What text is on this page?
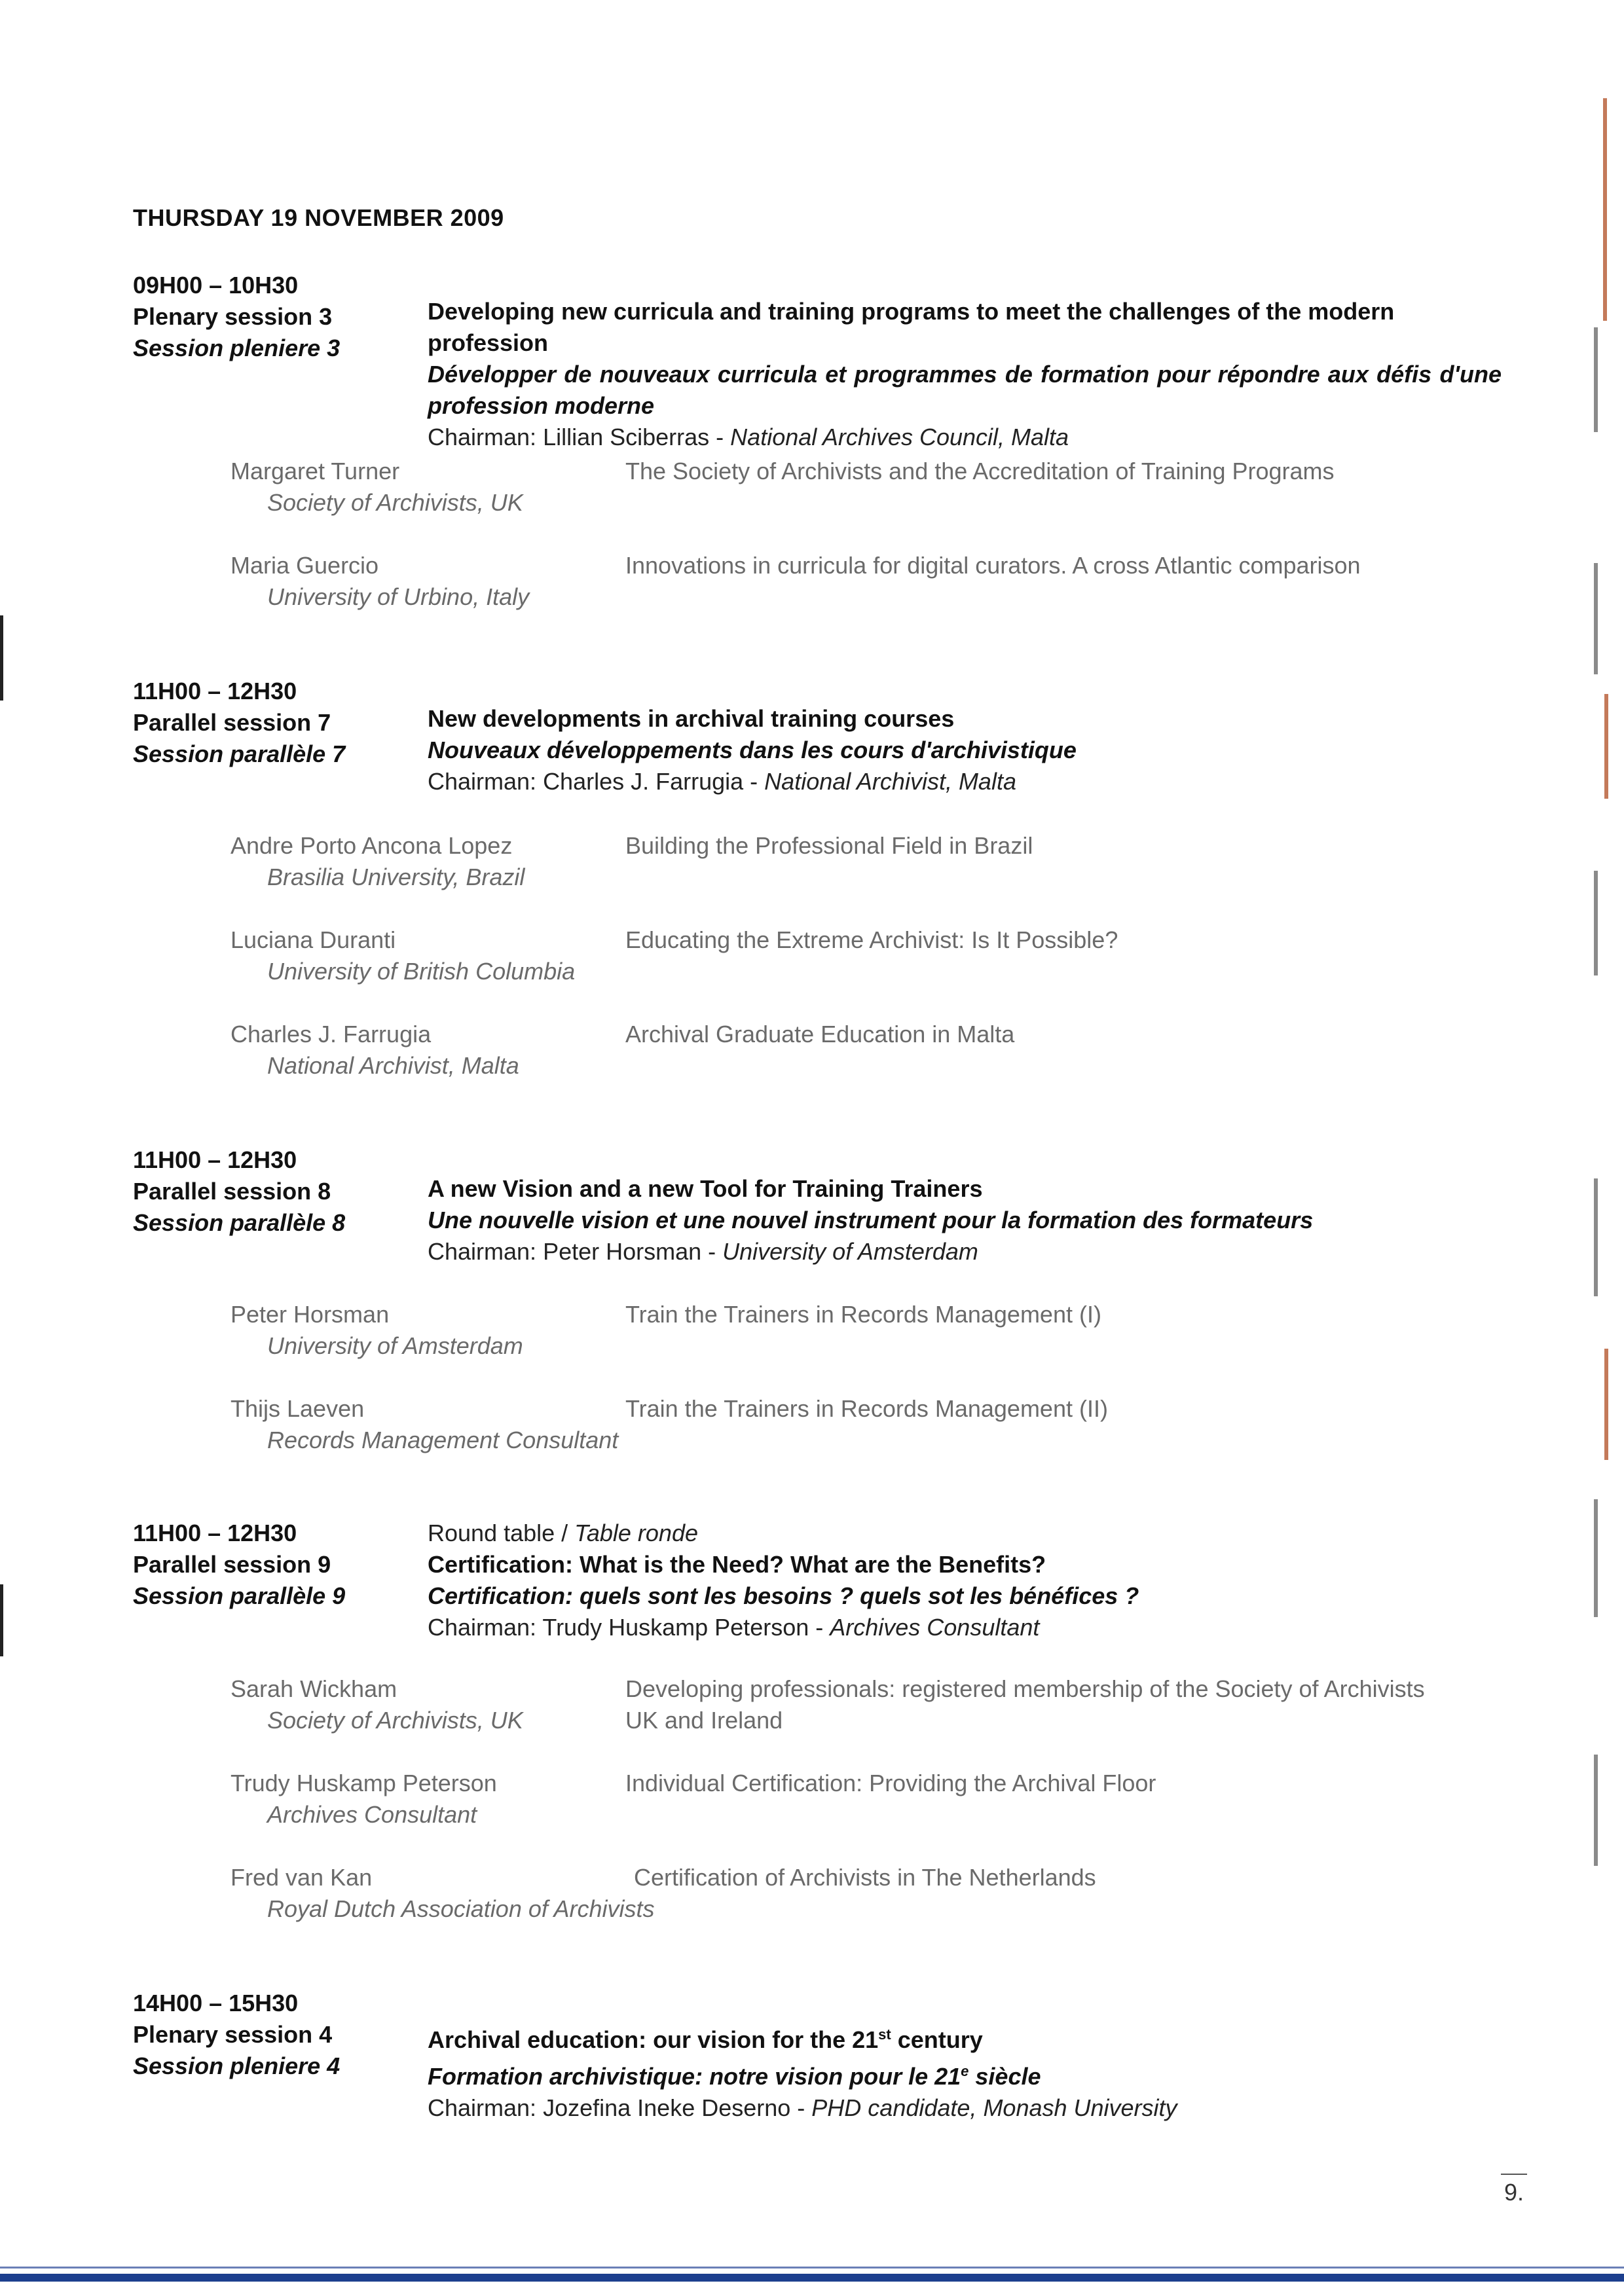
THURSDAY 19 NOVEMBER 2009
09H00 – 10H30
Plenary session 3
Session pleniere 3
Developing new curricula and training programs to meet the challenges of the modern profession
Développer de nouveaux curricula et programmes de formation pour répondre aux défis d'une profession moderne
Chairman: Lillian Sciberras - National Archives Council, Malta
Margaret Turner
Society of Archivists, UK
The Society of Archivists and the Accreditation of Training Programs
Maria Guercio
University of Urbino, Italy
Innovations in curricula for digital curators. A cross Atlantic comparison
11H00 – 12H30
Parallel session 7
Session parallèle 7
New developments in archival training courses
Nouveaux développements dans les cours d'archivistique
Chairman: Charles J. Farrugia - National Archivist, Malta
Andre Porto Ancona Lopez
Brasilia University, Brazil
Building the Professional Field in Brazil
Luciana Duranti
University of British Columbia
Educating the Extreme Archivist: Is It Possible?
Charles J. Farrugia
National Archivist, Malta
Archival Graduate Education in Malta
11H00 – 12H30
Parallel session 8
Session parallèle 8
A new Vision and a new Tool for Training Trainers
Une nouvelle vision et une nouvel instrument pour la formation des formateurs
Chairman: Peter Horsman - University of Amsterdam
Peter Horsman
University of Amsterdam
Train the Trainers in Records Management (I)
Thijs Laeven
Records Management Consultant
Train the Trainers in Records Management (II)
11H00 – 12H30
Parallel session 9
Session parallèle 9
Round table / Table ronde
Certification: What is the Need? What are the Benefits?
Certification: quels sont les besoins ? quels sot les bénéfices ?
Chairman: Trudy Huskamp Peterson - Archives Consultant
Sarah Wickham
Society of Archivists, UK
Developing professionals: registered membership of the Society of Archivists UK and Ireland
Trudy Huskamp Peterson
Archives Consultant
Individual Certification: Providing the Archival Floor
Fred van Kan
Royal Dutch Association of Archivists
Certification of Archivists in The Netherlands
14H00 – 15H30
Plenary session 4
Session pleniere 4
Archival education: our vision for the 21st century
Formation archivistique: notre vision pour le 21e siècle
Chairman: Jozefina Ineke Deserno - PHD candidate, Monash University
9.
